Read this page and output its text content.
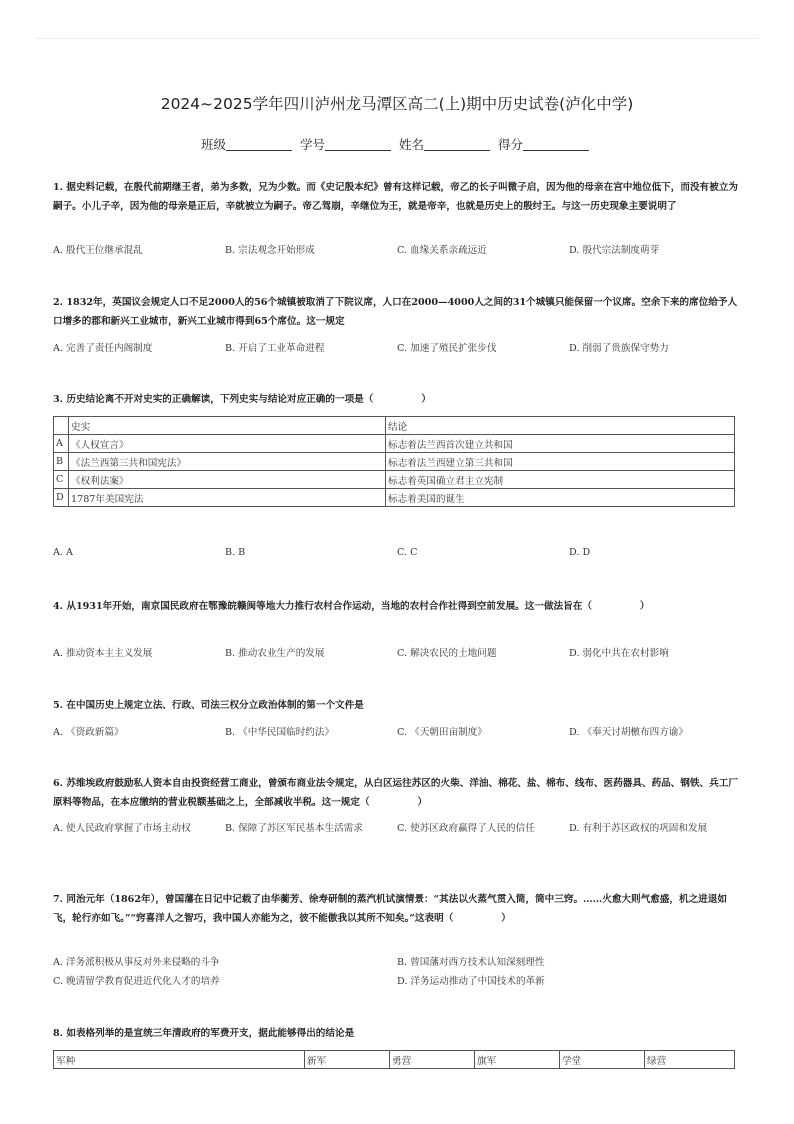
2024~2025学年四川泸州龙马潭区高二(上)期中历史试卷(泸化中学)
班级	学号	姓名	得分
1. 据史料记载，在殷代前期继王者，弟为多数，兄为少数。而《史记殷本纪》曾有这样记载，帝乙的长子叫微子启，因为他的母亲在宫中地位低下，而没有被立为嗣子。小儿子辛，因为他的母亲是正后，辛就被立为嗣子。帝乙驾崩，辛继位为王，就是帝辛，也就是历史上的殷纣王。与这一历史现象主要说明了
A. 殷代王位继承混乱	B. 宗法观念开始形成	C. 血缘关系亲疏远近	D. 殷代宗法制度萌芽
2. 1832年，英国议会规定人口不足2000人的56个城镇被取消了下院议席，人口在2000—4000人之间的31个城镇只能保留一个议席。空余下来的席位给予人口增多的郡和新兴工业城市，新兴工业城市得到65个席位。这一规定
A. 完善了责任内阁制度	B. 开启了工业革命进程	C. 加速了殖民扩张步伐	D. 削弱了贵族保守势力
3. 历史结论离不开对史实的正确解读，下列史实与结论对应正确的一项是（　　　　　）
	史实	结论
A	《人权宣言》	标志着法兰西首次建立共和国
B	《法兰西第三共和国宪法》	标志着法兰西建立第三共和国
C	《权利法案》	标志着英国确立君主立宪制
D	1787年美国宪法	标志着美国的诞生
A. A	B. B	C. C	D. D
4. 从1931年开始，南京国民政府在鄂豫皖赣闽等地大力推行农村合作运动，当地的农村合作社得到空前发展。这一做法旨在（　　　　　）
A. 推动资本主主义发展	B. 推动农业生产的发展	C. 解决农民的土地问题	D. 弱化中共在农村影响
5. 在中国历史上规定立法、行政、司法三权分立政治体制的第一个文件是
A. 《资政新篇》	B. 《中华民国临时约法》	C. 《天朝田亩制度》	D. 《奉天讨胡檄布四方谕》
6. 苏维埃政府鼓励私人资本自由投资经营工商业，曾颁布商业法令规定，从白区运往苏区的火柴、洋油、棉花、盐、棉布、线布、医药器具、药品、钢铁、兵工厂原料等物品，在本应缴纳的营业税额基础之上，全部减收半税。这一规定（　　　　　）
A. 使人民政府掌握了市场主动权	B. 保障了苏区军民基本生活需求	C. 使苏区政府赢得了人民的信任	D. 有利于苏区政权的巩固和发展
7. 同治元年（1862年），曾国藩在日记中记载了由华蘅芳、徐寿研制的蒸汽机试演情景：“其法以火蒸气贯入筒，筒中三窍。……火愈大则气愈盛，机之进退如飞，轮行亦如飞。”“窍喜洋人之智巧，我中国人亦能为之，彼不能傲我以其所不知矣。”这表明（　　　　　）
A. 洋务派积极从事反对外来侵略的斗争	B. 曾国藩对西方技术认知深刻理性
C. 晚清留学教育促进近代化人才的培养	D. 洋务运动推动了中国技术的革新
8. 如表格列举的是宣统三年清政府的军费开支，据此能够得出的结论是
军种	新军	勇营	旗军	学堂	绿营
